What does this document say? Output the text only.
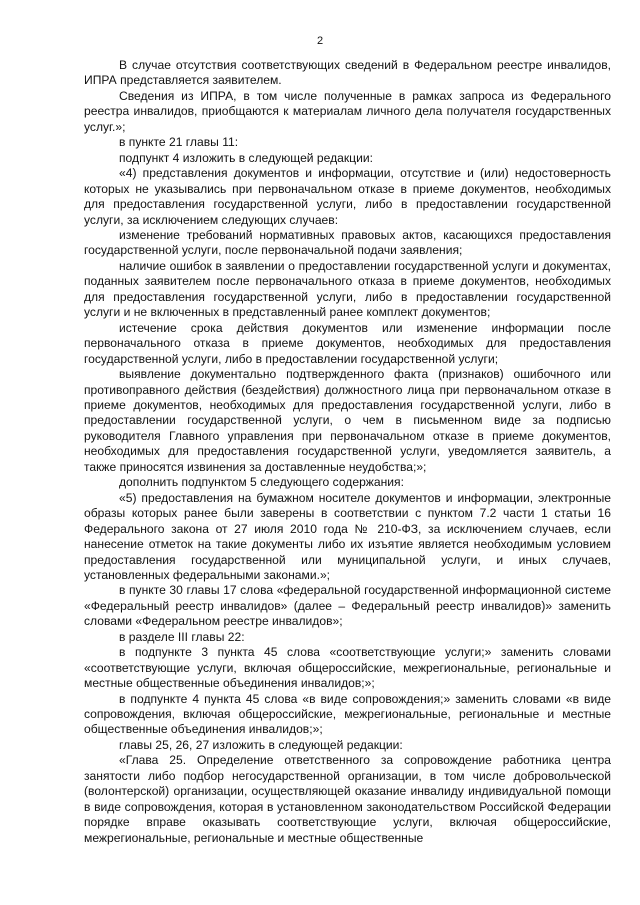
2

В случае отсутствия соответствующих сведений в Федеральном реестре инвалидов, ИПРА представляется заявителем.

Сведения из ИПРА, в том числе полученные в рамках запроса из Федерального реестра инвалидов, приобщаются к материалам личного дела получателя государственных услуг.»;

в пункте 21 главы 11:

подпункт 4 изложить в следующей редакции:

«4) представления документов и информации, отсутствие и (или) недостоверность которых не указывались при первоначальном отказе в приеме документов, необходимых для предоставления государственной услуги, либо в предоставлении государственной услуги, за исключением следующих случаев:

изменение требований нормативных правовых актов, касающихся предоставления государственной услуги, после первоначальной подачи заявления;

наличие ошибок в заявлении о предоставлении государственной услуги и документах, поданных заявителем после первоначального отказа в приеме документов, необходимых для предоставления государственной услуги, либо в предоставлении государственной услуги и не включенных в представленный ранее комплект документов;

истечение срока действия документов или изменение информации после первоначального отказа в приеме документов, необходимых для предоставления государственной услуги, либо в предоставлении государственной услуги;

выявление документально подтвержденного факта (признаков) ошибочного или противоправного действия (бездействия) должностного лица при первоначальном отказе в приеме документов, необходимых для предоставления государственной услуги, либо в предоставлении государственной услуги, о чем в письменном виде за подписью руководителя Главного управления при первоначальном отказе в приеме документов, необходимых для предоставления государственной услуги, уведомляется заявитель, а также приносятся извинения за доставленные неудобства;»;

дополнить подпунктом 5 следующего содержания:

«5) предоставления на бумажном носителе документов и информации, электронные образы которых ранее были заверены в соответствии с пунктом 7.2 части 1 статьи 16 Федерального закона от 27 июля 2010 года № 210-ФЗ, за исключением случаев, если нанесение отметок на такие документы либо их изъятие является необходимым условием предоставления государственной или муниципальной услуги, и иных случаев, установленных федеральными законами.»;

в пункте 30 главы 17 слова «федеральной государственной информационной системе «Федеральный реестр инвалидов» (далее – Федеральный реестр инвалидов)» заменить словами «Федеральном реестре инвалидов»;

в разделе III главы 22:

в подпункте 3 пункта 45 слова «соответствующие услуги;» заменить словами «соответствующие услуги, включая общероссийские, межрегиональные, региональные и местные общественные объединения инвалидов;»;

в подпункте 4 пункта 45 слова «в виде сопровождения;» заменить словами «в виде сопровождения, включая общероссийские, межрегиональные, региональные и местные общественные объединения инвалидов;»;

главы 25, 26, 27 изложить в следующей редакции:

«Глава 25. Определение ответственного за сопровождение работника центра занятости либо подбор негосударственной организации, в том числе добровольческой (волонтерской) организации, осуществляющей оказание инвалиду индивидуальной помощи в виде сопровождения, которая в установленном законодательством Российской Федерации порядке вправе оказывать соответствующие услуги, включая общероссийские, межрегиональные, региональные и местные общественные
